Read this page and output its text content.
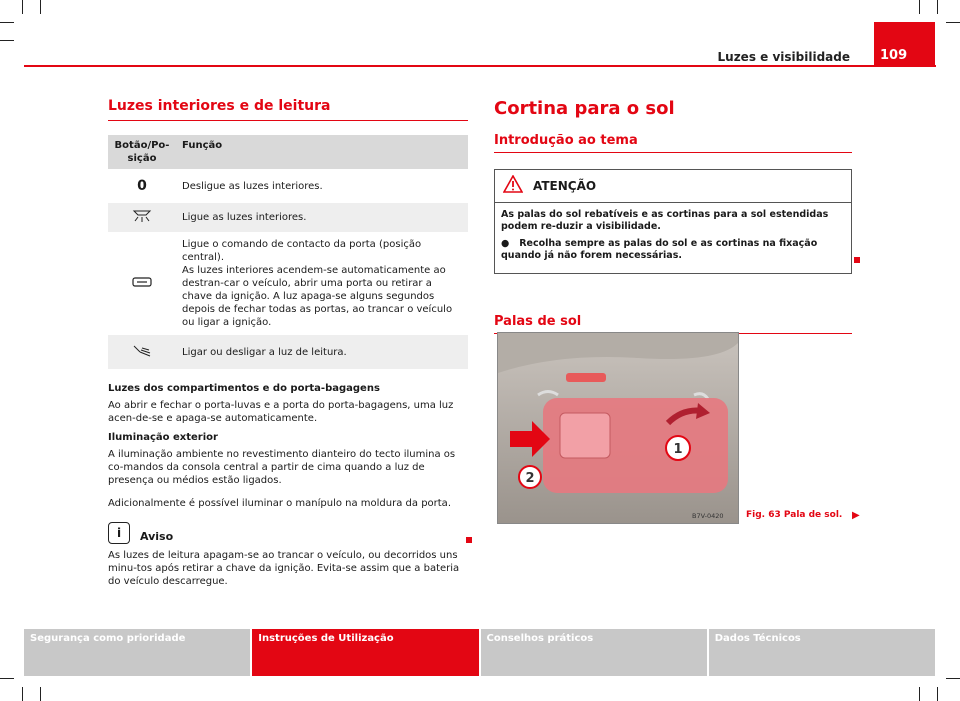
Luzes e visibilidade	109
Luzes interiores e de leitura
Botão/Po-sição	Função
0	Desligue as luzes interiores.
	Ligue as luzes interiores.
	Ligue o comando de contacto da porta (posição central).
As luzes interiores acendem-se automaticamente ao destran-car o veículo, abrir uma porta ou retirar a chave da ignição. A luz apaga-se alguns segundos depois de fechar todas as portas, ao trancar o veículo ou ligar a ignição.
	Ligar ou desligar a luz de leitura.
Luzes dos compartimentos e do porta-bagagens
Ao abrir e fechar o porta-luvas e a porta do porta-bagagens, uma luz acen-de-se e apaga-se automaticamente.
Iluminação exterior
A iluminação ambiente no revestimento dianteiro do tecto ilumina os co-mandos da consola central a partir de cima quando a luz de presença ou médios estão ligados.
Adicionalmente é possível iluminar o manípulo na moldura da porta.
i	Aviso
As luzes de leitura apagam-se ao trancar o veículo, ou decorridos uns minu-tos após retirar a chave da ignição. Evita-se assim que a bateria do veículo descarregue.
Cortina para o sol
Introdução ao tema
ATENÇÃO

As palas do sol rebatíveis e as cortinas para a sol estendidas podem re-duzir a visibilidade.

●   Recolha sempre as palas do sol e as cortinas na fixação quando já não forem necessárias.

Palas de sol
1
2
B7V-0420 Fig. 63 Pala de sol. ▶
Segurança como prioridade	Instruções de Utilização	Conselhos práticos	Dados Técnicos
